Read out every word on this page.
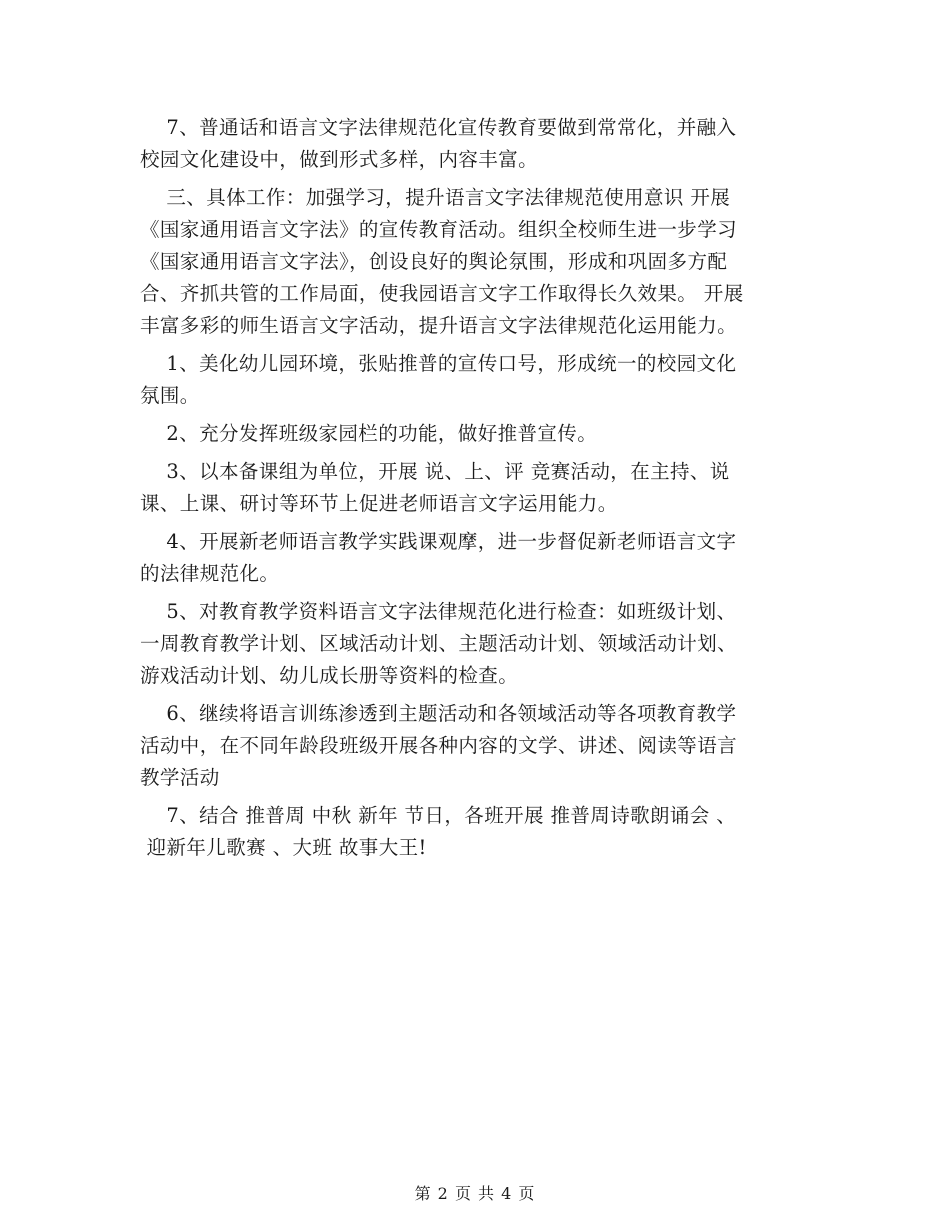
7、普通话和语言文字法律规范化宣传教育要做到常常化，并融入

校园文化建设中，做到形式多样，内容丰富。

三、具体工作：加强学习，提升语言文字法律规范使用意识 开展

《国家通用语言文字法》的宣传教育活动。组织全校师生进一步学习

《国家通用语言文字法》，创设良好的舆论氛围，形成和巩固多方配

合、齐抓共管的工作局面，使我园语言文字工作取得长久效果。 开展

丰富多彩的师生语言文字活动，提升语言文字法律规范化运用能力。

1、美化幼儿园环境，张贴推普的宣传口号，形成统一的校园文化

氛围。

2、充分发挥班级家园栏的功能，做好推普宣传。

3、以本备课组为单位，开展 说、上、评 竞赛活动，在主持、说

课、上课、研讨等环节上促进老师语言文字运用能力。

4、开展新老师语言教学实践课观摩，进一步督促新老师语言文字

的法律规范化。

5、对教育教学资料语言文字法律规范化进行检查：如班级计划、

一周教育教学计划、区域活动计划、主题活动计划、领域活动计划、

游戏活动计划、幼儿成长册等资料的检查。

6、继续将语言训练渗透到主题活动和各领域活动等各项教育教学

活动中，在不同年龄段班级开展各种内容的文学、讲述、阅读等语言

教学活动

7、结合 推普周 中秋 新年 节日，各班开展 推普周诗歌朗诵会 、

迎新年儿歌赛 、大班 故事大王!

第 2 页 共 4 页
